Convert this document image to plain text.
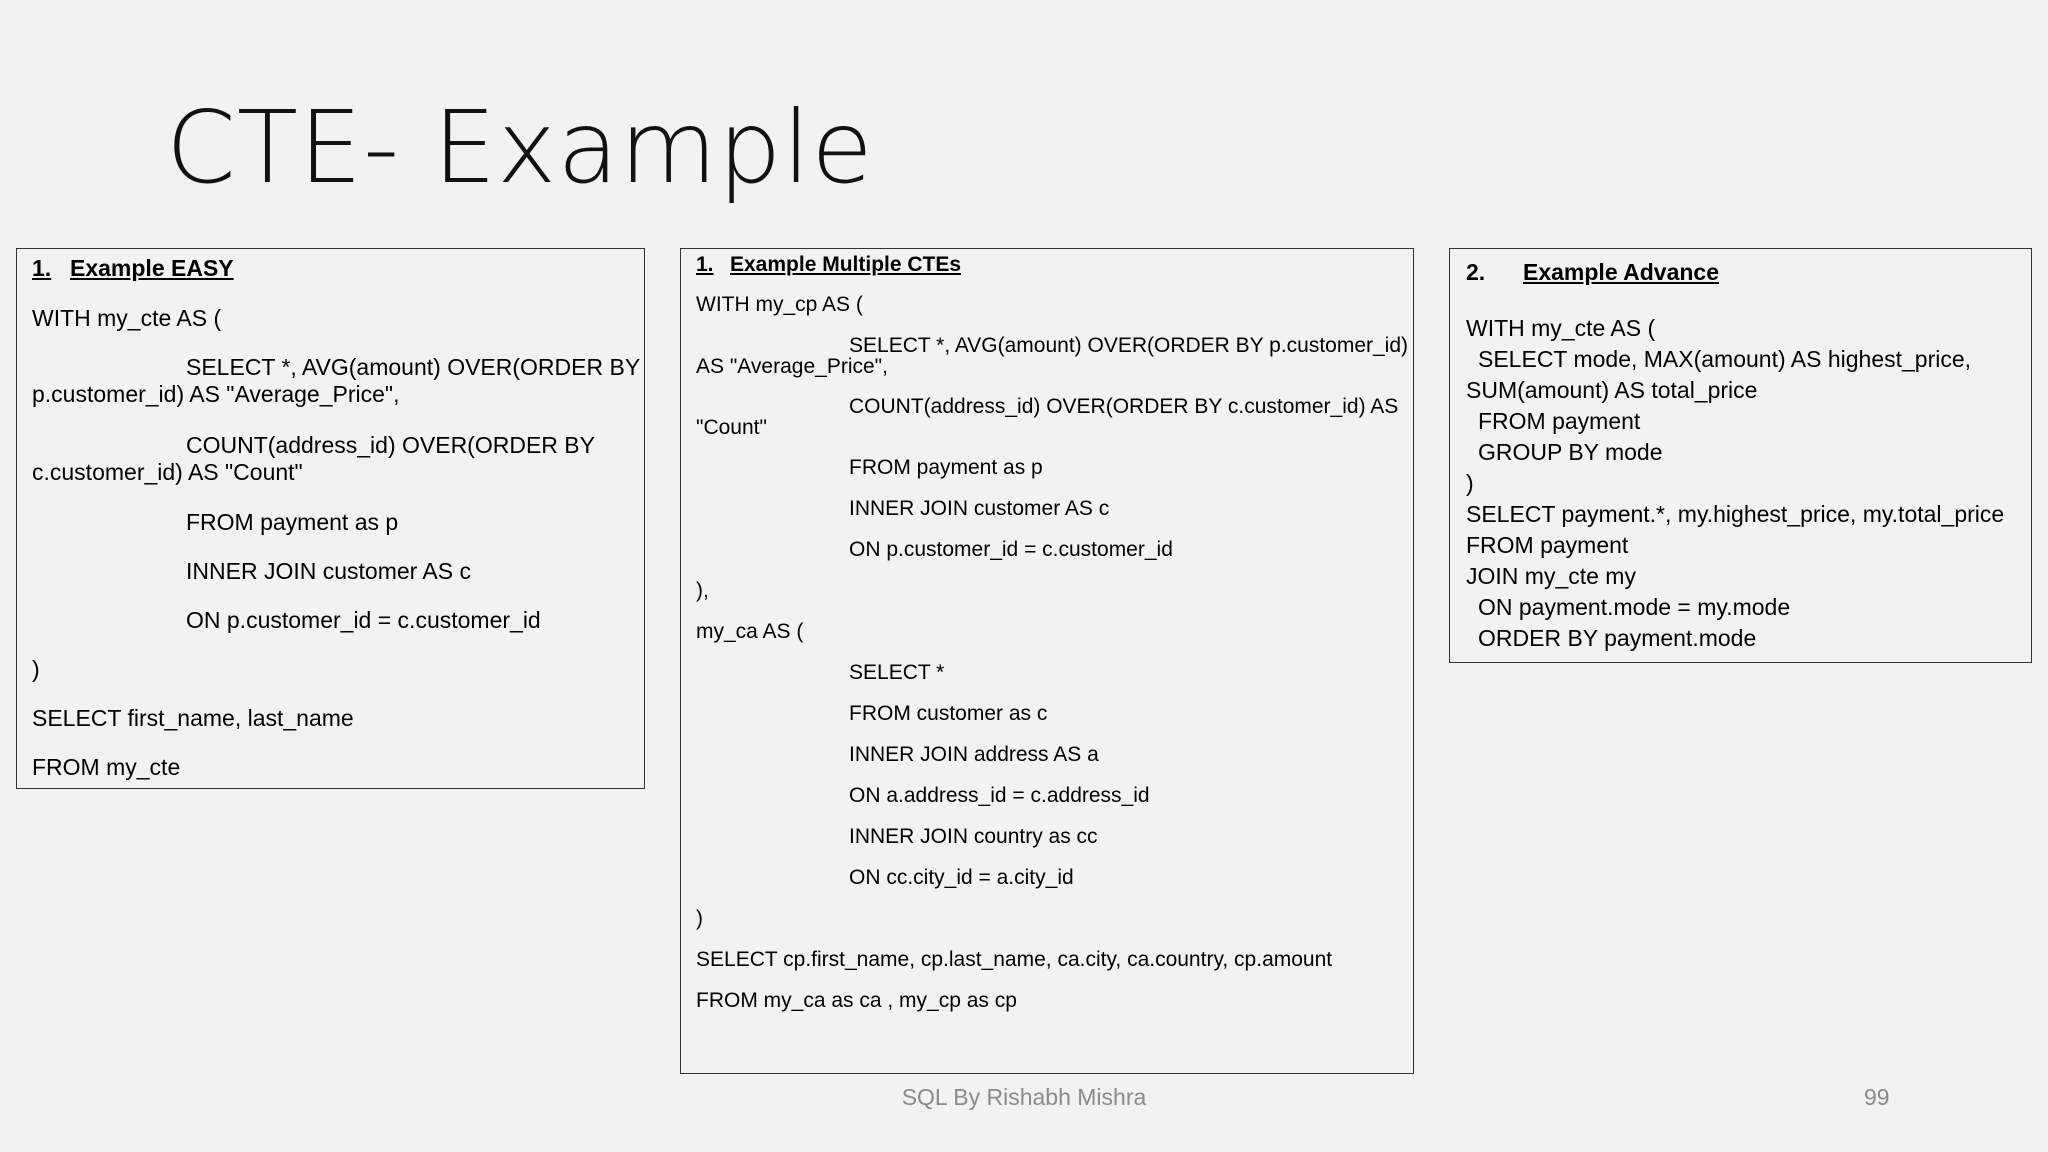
CTE- Example
1. Example EASY
WITH my_cte AS (
SELECT *, AVG(amount) OVER(ORDER BY
p.customer_id) AS "Average_Price",
COUNT(address_id) OVER(ORDER BY
c.customer_id) AS "Count"
FROM payment as p
INNER JOIN customer AS c
ON p.customer_id = c.customer_id
)
SELECT first_name, last_name
FROM my_cte
1. Example Multiple CTEs
WITH my_cp AS (
SELECT *, AVG(amount) OVER(ORDER BY p.customer_id)
AS "Average_Price",
COUNT(address_id) OVER(ORDER BY c.customer_id) AS
"Count"
FROM payment as p
INNER JOIN customer AS c
ON p.customer_id = c.customer_id
),
my_ca AS (
SELECT *
FROM customer as c
INNER JOIN address AS a
ON a.address_id = c.address_id
INNER JOIN country as cc
ON cc.city_id = a.city_id
)
SELECT cp.first_name, cp.last_name, ca.city, ca.country, cp.amount
FROM my_ca as ca , my_cp as cp
2. Example Advance
WITH my_cte AS (
SELECT mode, MAX(amount) AS highest_price,
SUM(amount) AS total_price
FROM payment
GROUP BY mode
)
SELECT payment.*, my.highest_price, my.total_price
FROM payment
JOIN my_cte my
ON payment.mode = my.mode
ORDER BY payment.mode
SQL By Rishabh Mishra	99
